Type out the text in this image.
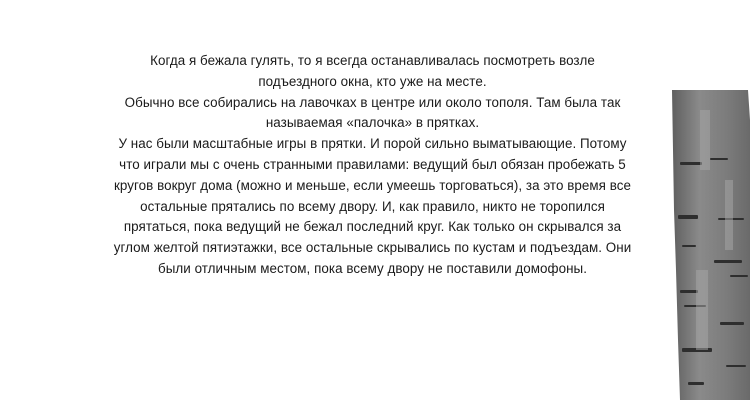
Когда я бежала гулять, то я всегда останавливалась посмотреть возле
подъездного окна, кто уже на месте.
Обычно все собирались на лавочках в центре или около тополя. Там была так
называемая «палочка» в прятках.
У нас были масштабные игры в прятки. И порой сильно выматывающие. Потому
что играли мы с очень странными правилами: ведущий был обязан пробежать 5
кругов вокруг дома (можно и меньше, если умеешь торговаться), за это время все
остальные прятались по всему двору. И, как правило, никто не торопился
прятаться, пока ведущий не бежал последний круг. Как только он скрывался за
углом желтой пятиэтажки, все остальные скрывались по кустам и подъездам. Они
были отличным местом, пока всему двору не поставили домофоны.
